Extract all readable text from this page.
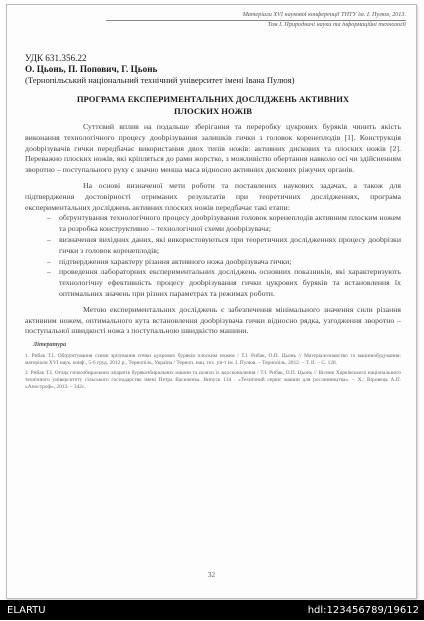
Матеріали XVІ наукової конференції ТНТУ ім. І. Пулюя, 2013.
Том І. Природничі науки та інформаційні технології
УДК 631.356.22
О. Цьонь, П. Попович, Г. Цьонь
(Тернопільський національний технічний університет імені Івана Пулюя)
ПРОГРАМА ЕКСПЕРИМЕНТАЛЬНИХ ДОСЛІДЖЕНЬ АКТИВНИХ
ПЛОСКИХ НОЖІВ
Суттєвий вплив на подальше зберігання та переробку цукрових буряків чинить якість виконання технологічного процесу доobрізування залишків гички з головок коренеплодів [1]. Конструкція доobрізувачів гички передбачає використання двох типів ножів: активних дискових та плоских ножів [2]. Переважно плоских ножів, які кріпляться до рами жорстко, з можливістю обертання навколо осі чи здійсненням зворотно – поступального руху є значно менша маса відносно активних дискових ріжучих органів.
На основі визначеної мети роботи та поставлених наукових задачах, а також для підтвердження достовірності отриманих результатів при теоретичних дослідженнях, програма експериментальних досліджень активних плоских ножів передбачає такі етапи:
– обґрунтування технологічного процесу доobрізування головок коренеплодів активним плоским ножем та розробка конструктивно – технологічної схеми доobрізувача;
– визначення вихідних даних, які використовуються при теоретичних дослідженнях процесу доobрізки гички з головок коренеплодів;
– підтвердження характеру різання активного ножа доobрізувача гички;
– проведення лабораторних експериментальних досліджень основних показників, які характеризують технологічну ефективність процесу доobрізування гички цукрових буряків та встановлення їх оптимальних значень при різних параметрах та режимах роботи.
Метою експериментальних досліджень є забезпечення мінімального значення сили різання активним ножем, оптимального кута встановлення доobрізувача гички відносно рядка, узгодження зворотно – поступальної швидкості ножа з поступальною швидкістю машини.
Література

1. Рибак Т.І. Обґрунтування схеми зрізування гички цукрових буряків плоским ножем / Т.І. Рибак, О.П. Цьонь // Матеріалознавство та машинобудування: матеріали XVI наук. конф., 5-6 груд. 2012 р., Тернопіль, Україна / Терноп. нац. тех. ун-т ім. І. Пулюя. – Тернопіль, 2012. – Т. ІІ. – С. 128.

2. Рибак Т.І. Огляд гичкозбиральних апаратів бурякозбиральних машин та шляхи їх вдосконалення / Т.І. Рибак, О.П. Цьонь // Вісник Харківського національного технічного університету сільського господарства імені Петра Василенка. Випуск 134 . «Технічний сервіс машин для рослинництва». – Х.: Віровець А.П. «Апостроф», 2013. – 342с.

32
ELARTU	hdl:123456789/19612
